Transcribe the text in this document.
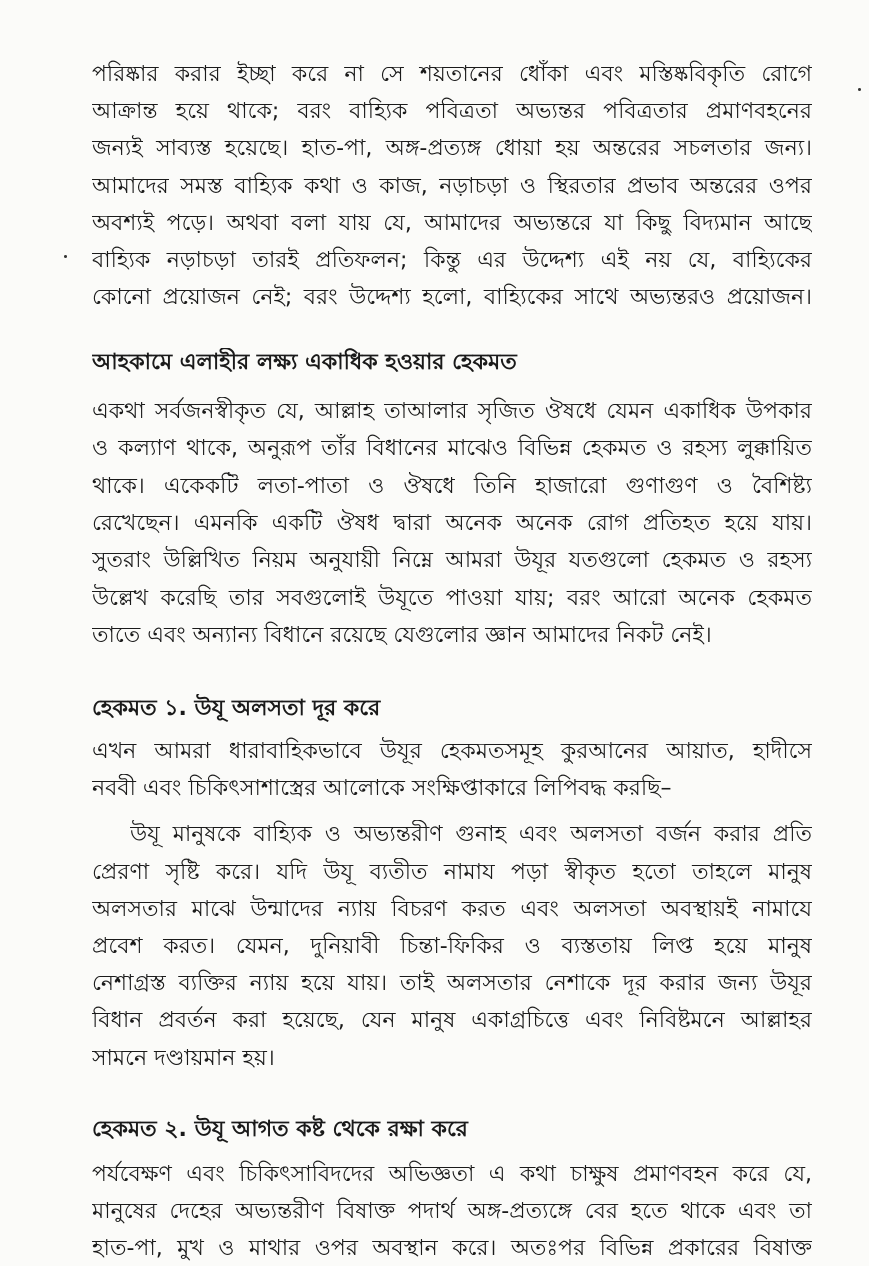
পরিষ্কার করার ইচ্ছা করে না সে শয়তানের ধোঁকা এবং মস্তিষ্কবিকৃতি রোগে
আক্রান্ত হয়ে থাকে; বরং বাহ্যিক পবিত্রতা অভ্যন্তর পবিত্রতার প্রমাণবহনের
জন্যই সাব্যস্ত হয়েছে। হাত-পা, অঙ্গ-প্রত্যঙ্গ ধোয়া হয় অন্তরের সচলতার জন্য।
আমাদের সমস্ত বাহ্যিক কথা ও কাজ, নড়াচড়া ও স্থিরতার প্রভাব অন্তরের ওপর
অবশ্যই পড়ে। অথবা বলা যায় যে, আমাদের অভ্যন্তরে যা কিছু বিদ্যমান আছে
বাহ্যিক নড়াচড়া তারই প্রতিফলন; কিন্তু এর উদ্দেশ্য এই নয় যে, বাহ্যিকের
কোনো প্রয়োজন নেই; বরং উদ্দেশ্য হলো, বাহ্যিকের সাথে অভ্যন্তরও প্রয়োজন।
আহকামে এলাহীর লক্ষ্য একাধিক হওয়ার হেকমত
একথা সর্বজনস্বীকৃত যে, আল্লাহ তাআলার সৃজিত ঔষধে যেমন একাধিক উপকার
ও কল্যাণ থাকে, অনুরূপ তাঁর বিধানের মাঝেও বিভিন্ন হেকমত ও রহস্য লুক্কায়িত
থাকে। একেকটি লতা-পাতা ও ঔষধে তিনি হাজারো গুণাগুণ ও বৈশিষ্ট্য
রেখেছেন। এমনকি একটি ঔষধ দ্বারা অনেক অনেক রোগ প্রতিহত হয়ে যায়।
সুতরাং উল্লিখিত নিয়ম অনুযায়ী নিম্নে আমরা উযূর যতগুলো হেকমত ও রহস্য
উল্লেখ করেছি তার সবগুলোই উযূতে পাওয়া যায়; বরং আরো অনেক হেকমত
তাতে এবং অন্যান্য বিধানে রয়েছে যেগুলোর জ্ঞান আমাদের নিকট নেই।
হেকমত ১. উযূ অলসতা দূর করে
এখন আমরা ধারাবাহিকভাবে উযূর হেকমতসমূহ কুরআনের আয়াত, হাদীসে
নববী এবং চিকিৎসাশাস্ত্রের আলোকে সংক্ষিপ্তাকারে লিপিবদ্ধ করছি–
উযূ মানুষকে বাহ্যিক ও অভ্যন্তরীণ গুনাহ এবং অলসতা বর্জন করার প্রতি
প্রেরণা সৃষ্টি করে। যদি উযূ ব্যতীত নামায পড়া স্বীকৃত হতো তাহলে মানুষ
অলসতার মাঝে উন্মাদের ন্যায় বিচরণ করত এবং অলসতা অবস্থায়ই নামাযে
প্রবেশ করত। যেমন, দুনিয়াবী চিন্তা-ফিকির ও ব্যস্ততায় লিপ্ত হয়ে মানুষ
নেশাগ্রস্ত ব্যক্তির ন্যায় হয়ে যায়। তাই অলসতার নেশাকে দূর করার জন্য উযূর
বিধান প্রবর্তন করা হয়েছে, যেন মানুষ একাগ্রচিত্তে এবং নিবিষ্টমনে আল্লাহর
সামনে দণ্ডায়মান হয়।
হেকমত ২. উযূ আগত কষ্ট থেকে রক্ষা করে
পর্যবেক্ষণ এবং চিকিৎসাবিদদের অভিজ্ঞতা এ কথা চাক্ষুষ প্রমাণবহন করে যে,
মানুষের দেহের অভ্যন্তরীণ বিষাক্ত পদার্থ অঙ্গ-প্রত্যঙ্গে বের হতে থাকে এবং তা
হাত-পা, মুখ ও মাথার ওপর অবস্থান করে। অতঃপর বিভিন্ন প্রকারের বিষাক্ত
